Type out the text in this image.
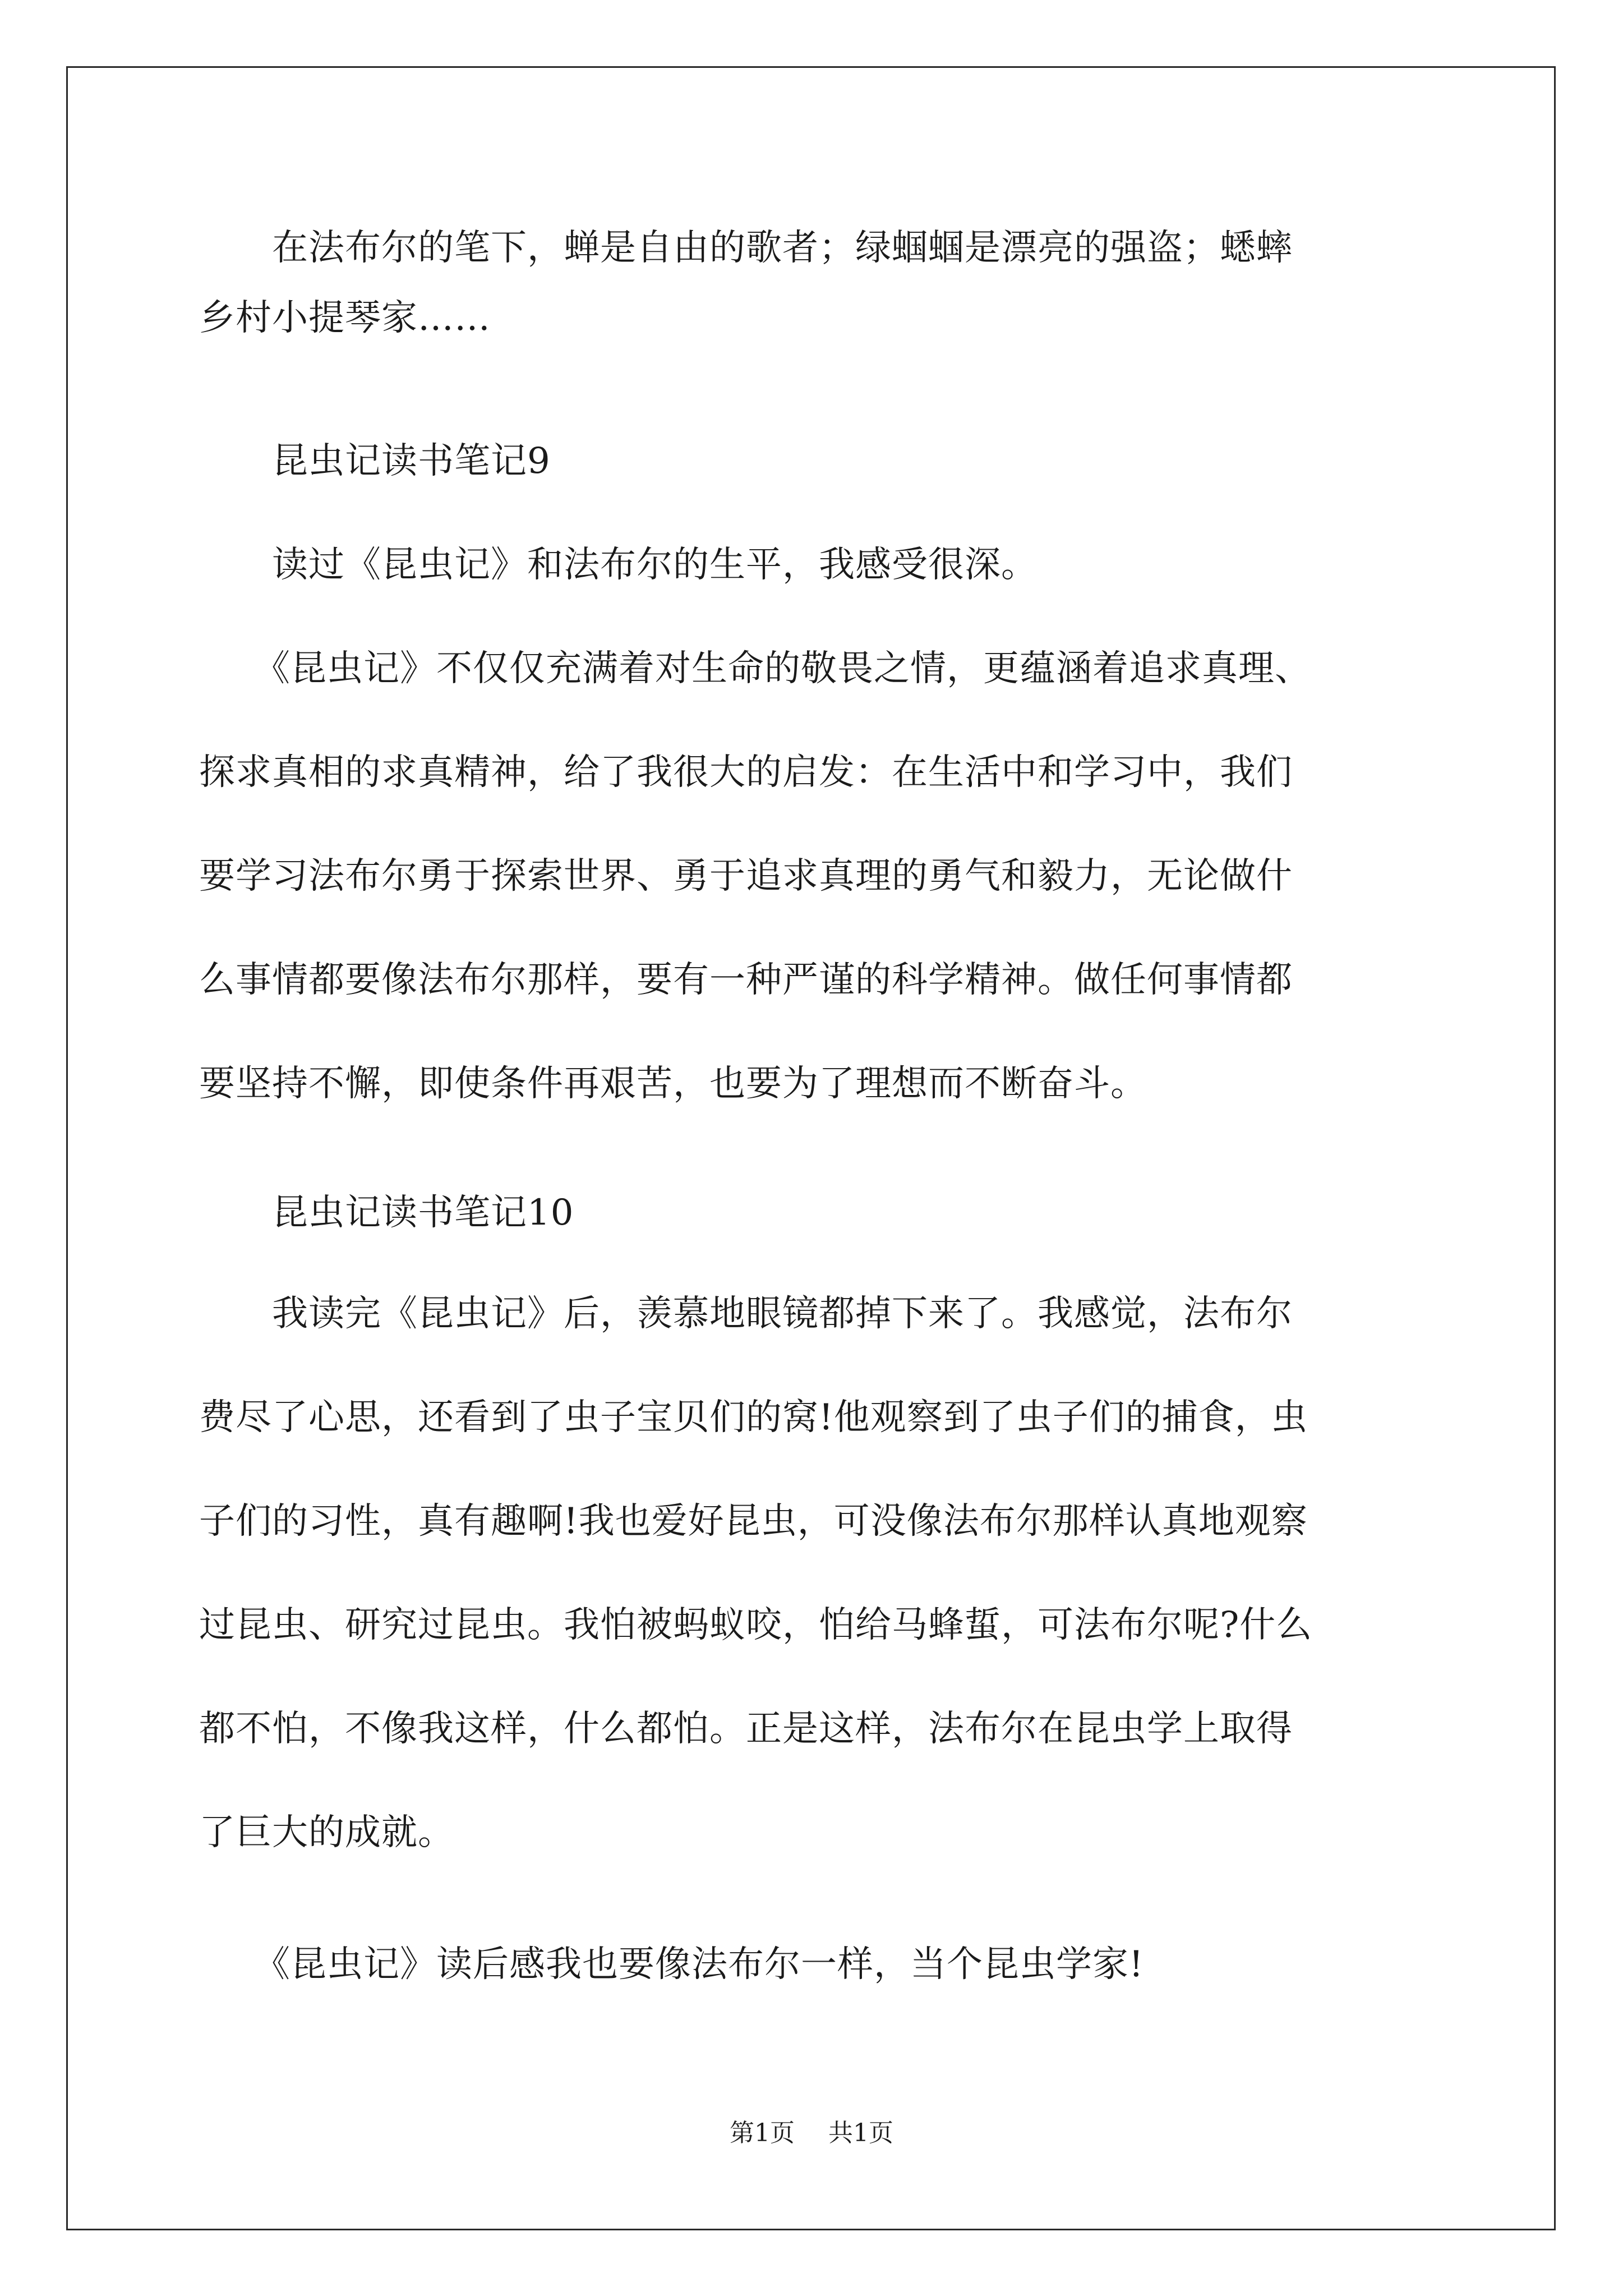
　　在法布尔的笔下，蝉是自由的歌者；绿蝈蝈是漂亮的强盗；蟋蟀

乡村小提琴家……

　　昆虫记读书笔记9

　　读过《昆虫记》和法布尔的生平，我感受很深。

　　《昆虫记》不仅仅充满着对生命的敬畏之情，更蕴涵着追求真理、

探求真相的求真精神，给了我很大的启发：在生活中和学习中，我们

要学习法布尔勇于探索世界、勇于追求真理的勇气和毅力，无论做什

么事情都要像法布尔那样，要有一种严谨的科学精神。做任何事情都

要坚持不懈，即使条件再艰苦，也要为了理想而不断奋斗。

　　昆虫记读书笔记10

　　我读完《昆虫记》后，羡慕地眼镜都掉下来了。我感觉，法布尔

费尽了心思，还看到了虫子宝贝们的窝!他观察到了虫子们的捕食，虫

子们的习性，真有趣啊!我也爱好昆虫，可没像法布尔那样认真地观察

过昆虫、研究过昆虫。我怕被蚂蚁咬，怕给马蜂蜇，可法布尔呢?什么

都不怕，不像我这样，什么都怕。正是这样，法布尔在昆虫学上取得

了巨大的成就。

　　《昆虫记》读后感我也要像法布尔一样，当个昆虫学家!

第1页 共1页
